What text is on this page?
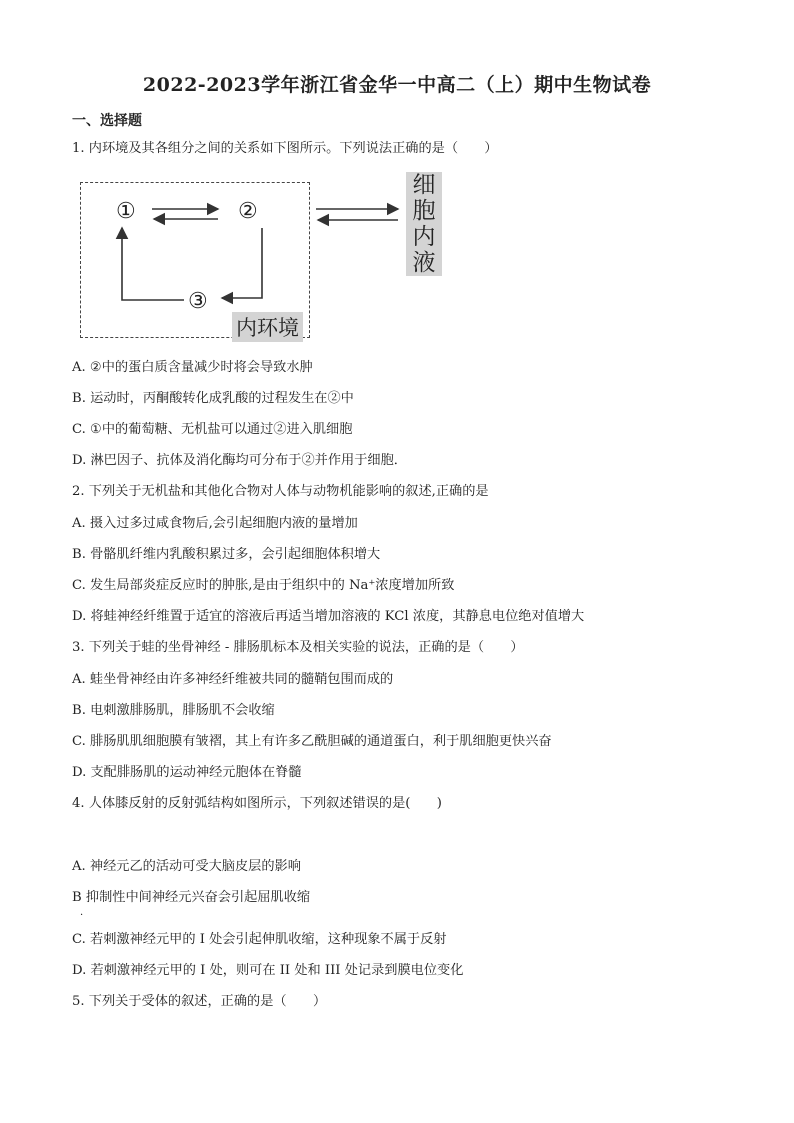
2022-2023学年浙江省金华一中高二（上）期中生物试卷
一、选择题
1. 内环境及其各组分之间的关系如下图所示。下列说法正确的是（　　）
①	②
③
内环境
细
胞
内
液
A. ②中的蛋白质含量减少时将会导致水肿
B. 运动时，丙酮酸转化成乳酸的过程发生在②中
C. ①中的葡萄糖、无机盐可以通过②进入肌细胞
D. 淋巴因子、抗体及消化酶均可分布于②并作用于细胞．
2. 下列关于无机盐和其他化合物对人体与动物机能影响的叙述,正确的是
A. 摄入过多过咸食物后,会引起细胞内液的量增加
B. 骨骼肌纤维内乳酸积累过多，会引起细胞体积增大
C. 发生局部炎症反应时的肿胀,是由于组织中的 Na⁺浓度增加所致
D. 将蛙神经纤维置于适宜的溶液后再适当增加溶液的 KCl 浓度，其静息电位绝对值增大
3. 下列关于蛙的坐骨神经 - 腓肠肌标本及相关实验的说法，正确的是（　　）
A. 蛙坐骨神经由许多神经纤维被共同的髓鞘包围而成的
B. 电刺激腓肠肌，腓肠肌不会收缩
C. 腓肠肌肌细胞膜有皱褶，其上有许多乙酰胆碱的通道蛋白，利于肌细胞更快兴奋
D. 支配腓肠肌的运动神经元胞体在脊髓
4. 人体膝反射的反射弧结构如图所示，下列叙述错误的是(　　)
A. 神经元乙的活动可受大脑皮层的影响
B 抑制性中间神经元兴奋会引起屈肌收缩
·
C. 若刺激神经元甲的 I 处会引起伸肌收缩，这种现象不属于反射
D. 若刺激神经元甲的 I 处，则可在 II 处和 III 处记录到膜电位变化
5. 下列关于受体的叙述，正确的是（　　）
